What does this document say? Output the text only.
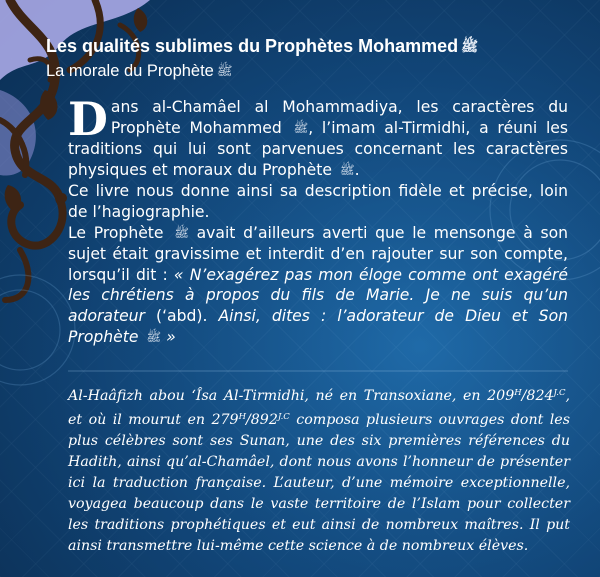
Les qualités sublimes du Prophètes Mohammed ﷺ
La morale du Prophète ﷺ

Dans al-Chamâel al Mohammadiya, les caractères du Prophète Mohammed ﷺ, l’imam al-Tirmidhi, a réuni les traditions qui lui sont parvenues concernant les caractères physiques et moraux du Prophète ﷺ.

Ce livre nous donne ainsi sa description fidèle et précise, loin de l’hagiographie.

Le Prophète ﷺ avait d’ailleurs averti que le mensonge à son sujet était gravissime et interdit d’en rajouter sur son compte, lorsqu’il dit : « N’exagérez pas mon éloge comme ont exagéré les chrétiens à propos du fils de Marie. Je ne suis qu’un adorateur (‘abd). Ainsi, dites : l’adorateur de Dieu et Son Prophète ﷺ »

Al-Haâfizh abou ‘Îsa Al-Tirmidhi, né en Transoxiane, en $209^H/824^{J.C}$, et où il mourut en $279^H/892^{J.C}$ composa plusieurs ouvrages dont les plus célèbres sont ses Sunan, une des six premières références du Hadith, ainsi qu’al-Chamâel, dont nous avons l’honneur de présenter ici la traduction française. L’auteur, d’une mémoire exceptionnelle, voyagea beaucoup dans le vaste territoire de l’Islam pour collecter les traditions prophétiques et eut ainsi de nombreux maîtres. Il put ainsi transmettre lui-même cette science à de nombreux élèves.
